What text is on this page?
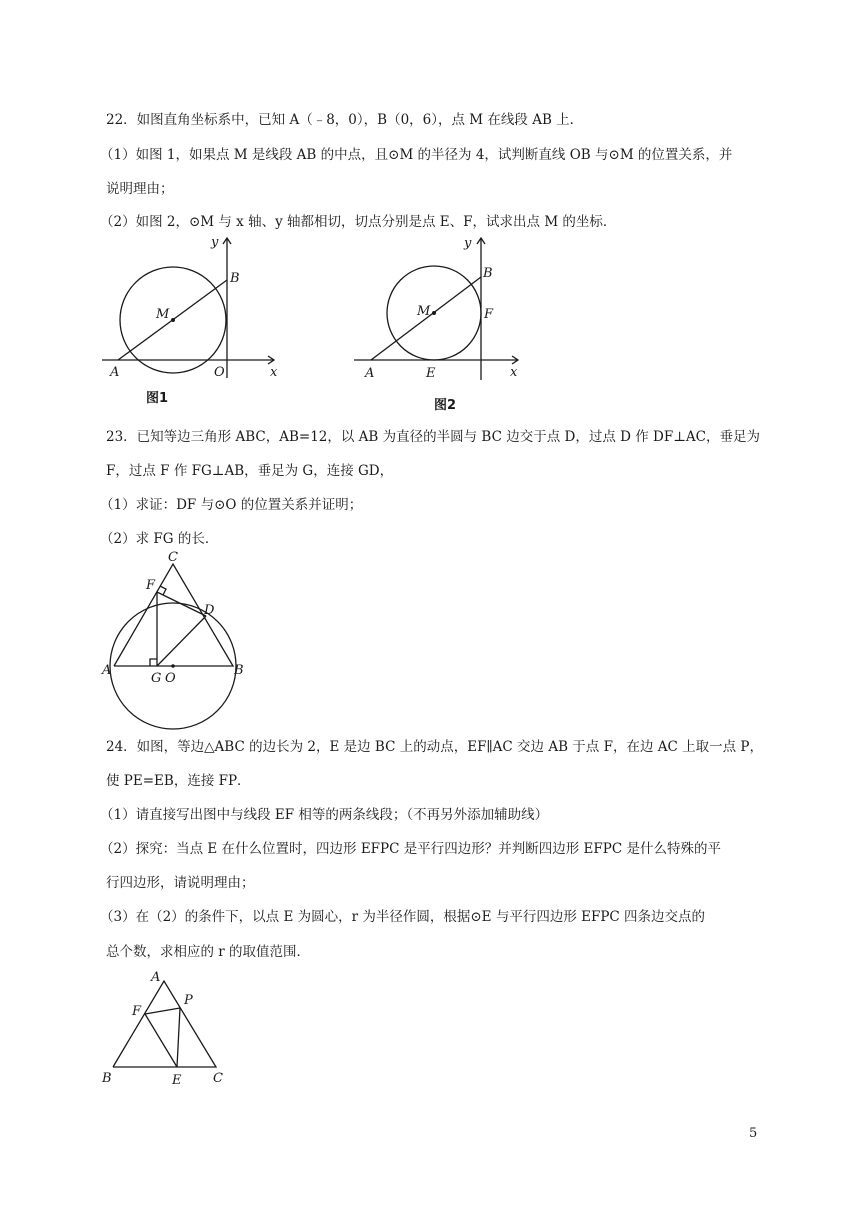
22．如图直角坐标系中，已知 A（﹣8，0），B（0，6），点 M 在线段 AB 上．

（1）如图 1，如果点 M 是线段 AB 的中点，且⊙M 的半径为 4，试判断直线 OB 与⊙M 的位置关系，并

说明理由；

（2）如图 2，⊙M 与 x 轴、y 轴都相切，切点分别是点 E、F，试求出点 M 的坐标．

y
B
M
A	O	x
图1
y
B
M	F
A	E	x
图2

23．已知等边三角形 ABC，AB=12，以 AB 为直径的半圆与 BC 边交于点 D，过点 D 作 DF⊥AC，垂足为

F，过点 F 作 FG⊥AB，垂足为 G，连接 GD，

（1）求证：DF 与⊙O 的位置关系并证明；

（2）求 FG 的长．

C
F
D
A
G O
B

24．如图，等边△ABC 的边长为 2，E 是边 BC 上的动点，EF∥AC 交边 AB 于点 F，在边 AC 上取一点 P，

使 PE=EB，连接 FP．

（1）请直接写出图中与线段 EF 相等的两条线段；（不再另外添加辅助线）

（2）探究：当点 E 在什么位置时，四边形 EFPC 是平行四边形？并判断四边形 EFPC 是什么特殊的平

行四边形，请说明理由；

（3）在（2）的条件下，以点 E 为圆心，r 为半径作圆，根据⊙E 与平行四边形 EFPC 四条边交点的

总个数，求相应的 r 的取值范围．

A
P
F
B	E C
5
